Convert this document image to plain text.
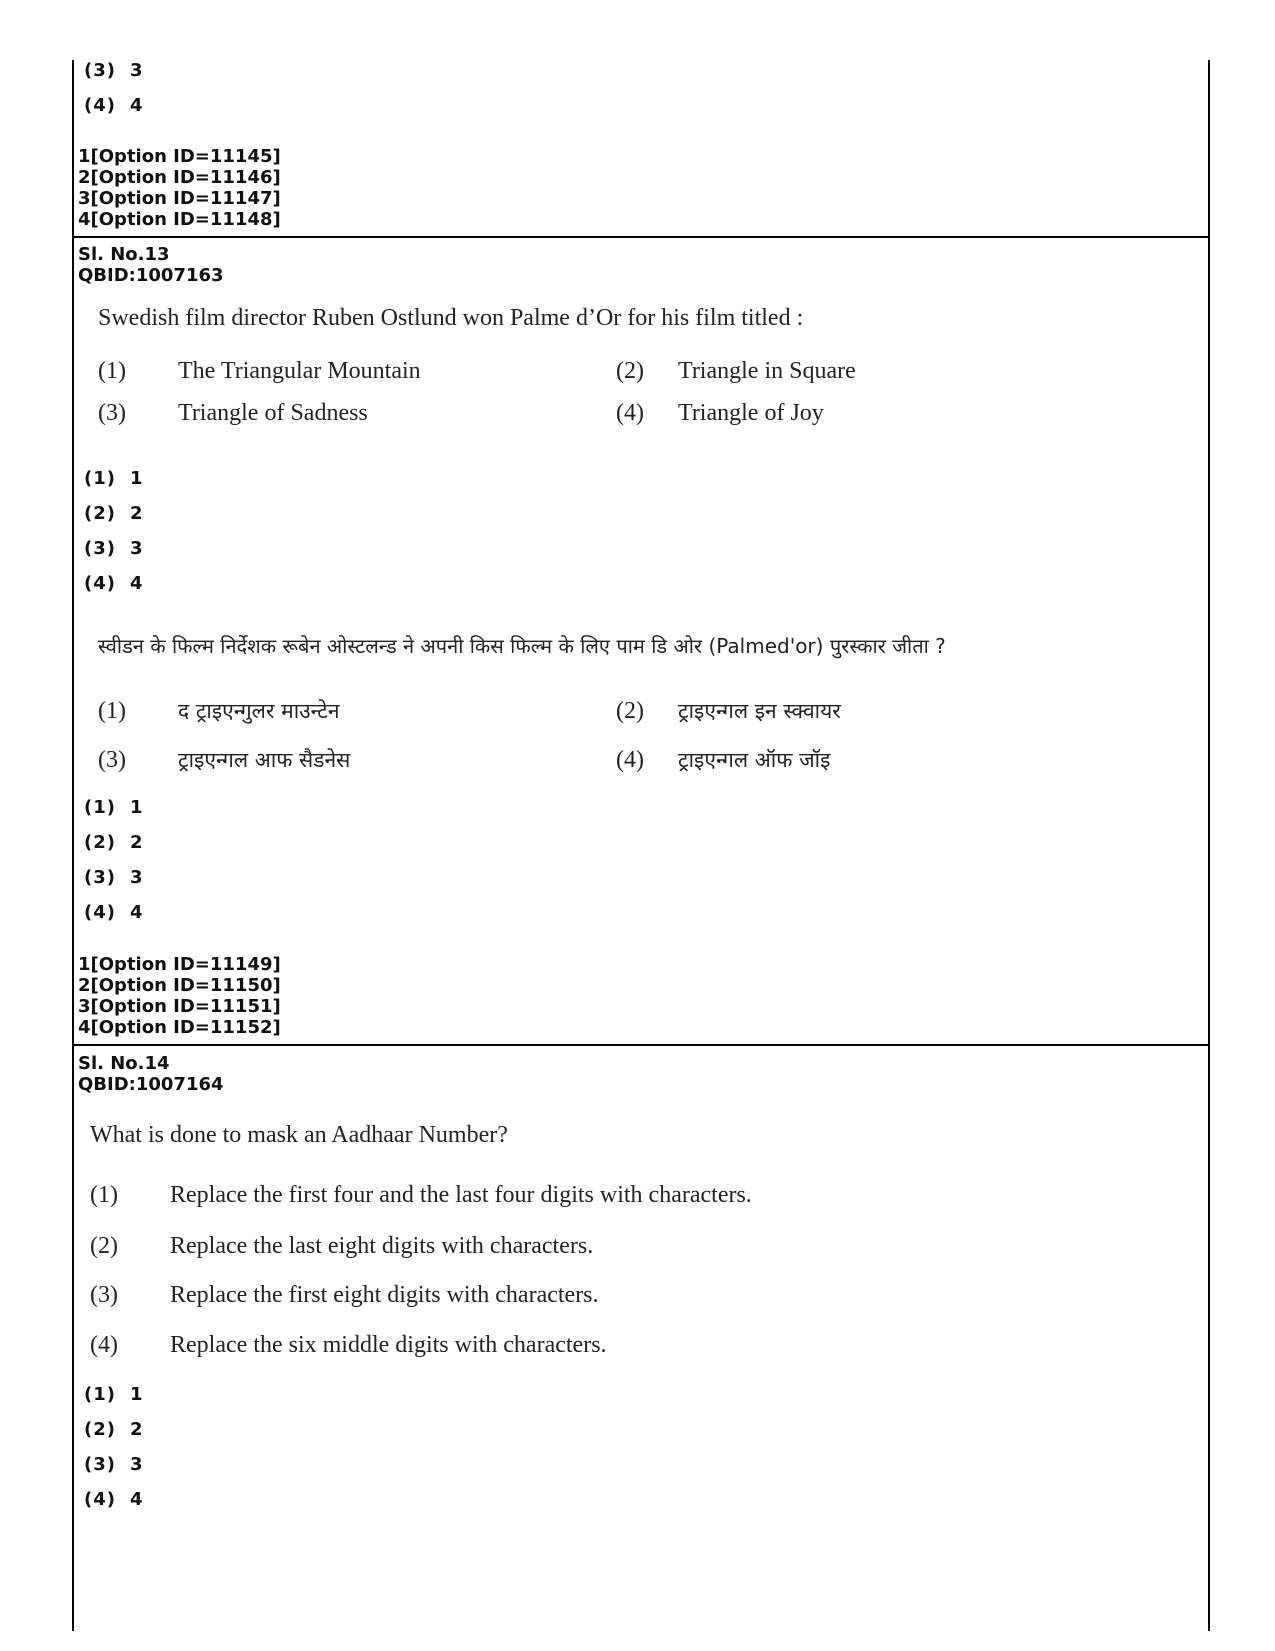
(3) 3
(4) 4
1[Option ID=11145]
2[Option ID=11146]
3[Option ID=11147]
4[Option ID=11148]
Sl. No.13
QBID:1007163
Swedish film director Ruben Ostlund won Palme d’Or for his film titled :
(1) The Triangular Mountain	(2) Triangle in Square
(3) Triangle of Sadness	(4) Triangle of Joy
(1) 1
(2) 2
(3) 3
(4) 4
स्वीडन के फिल्म निर्देशक रूबेन ओस्टलन्ड ने अपनी किस फिल्म के लिए पाम डि ओर (Palmed'or) पुरस्कार जीता ?
(1) द ट्राइएन्गुलर माउन्टेन	(2) ट्राइएन्गल इन स्क्वायर
(3) ट्राइएन्गल आफ सैडनेस	(4) ट्राइएन्गल ऑफ जॉइ
(1) 1
(2) 2
(3) 3
(4) 4
1[Option ID=11149]
2[Option ID=11150]
3[Option ID=11151]
4[Option ID=11152]
Sl. No.14
QBID:1007164
What is done to mask an Aadhaar Number?
(1) Replace the first four and the last four digits with characters.
(2) Replace the last eight digits with characters.
(3) Replace the first eight digits with characters.
(4) Replace the six middle digits with characters.
(1) 1
(2) 2
(3) 3
(4) 4
